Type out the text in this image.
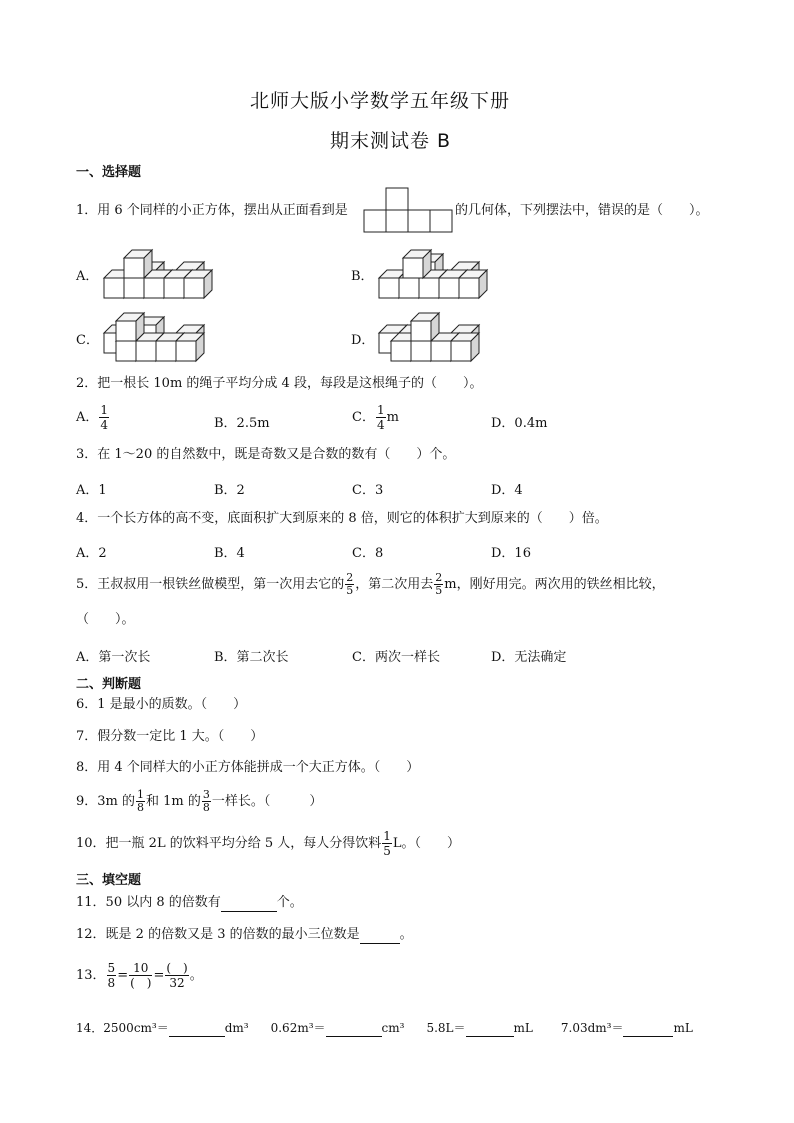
北师大版小学数学五年级下册
期末测试卷 B
一、选择题
1．用 6 个同样的小正方体，摆出从正面看到是	的几何体，下列摆法中，错误的是（　　）。
A．	B．
C．	D．
2．把一根长 10m 的绳子平均分成 4 段，每段是这根绳子的（　　）。
A． $\frac{1}{4}$	B．2.5m	C． $\frac{1}{4}$ m	D．0.4m
3．在 1～20 的自然数中，既是奇数又是合数的数有（　　）个。
A．1	B．2	C．3	D．4
4．一个长方体的高不变，底面积扩大到原来的 8 倍，则它的体积扩大到原来的（　　）倍。
A．2	B．4	C．8	D．16
5．王叔叔用一根铁丝做模型，第一次用去它的 $\frac{2}{5}$ ，第二次用去 $\frac{2}{5}$ m，刚好用完。两次用的铁丝相比较，
（　　）。
A．第一次长	B．第二次长	C．两次一样长	D．无法确定
二、判断题
6．1 是最小的质数。（　　）
7．假分数一定比 1 大。（　　）
8．用 4 个同样大的小正方体能拼成一个大正方体。（　　）
9．3m 的 $\frac{1}{8}$ 和 1m 的 $\frac{3}{8}$ 一样长。（　　　）
10．把一瓶 2L 的饮料平均分给 5 人，每人分得饮料 $\frac{1}{5}$ L。（　　）
三、填空题
11．50 以内 8 的倍数有	个。
12．既是 2 的倍数又是 3 的倍数的最小三位数是	。
13． $\frac{5}{8} = \frac{10}{( )} = \frac{( )}{32}$ 。
14．2500cm³＝	dm³ 0.62m³＝	cm³ 5.8L＝	mL 7.03dm³＝	mL
